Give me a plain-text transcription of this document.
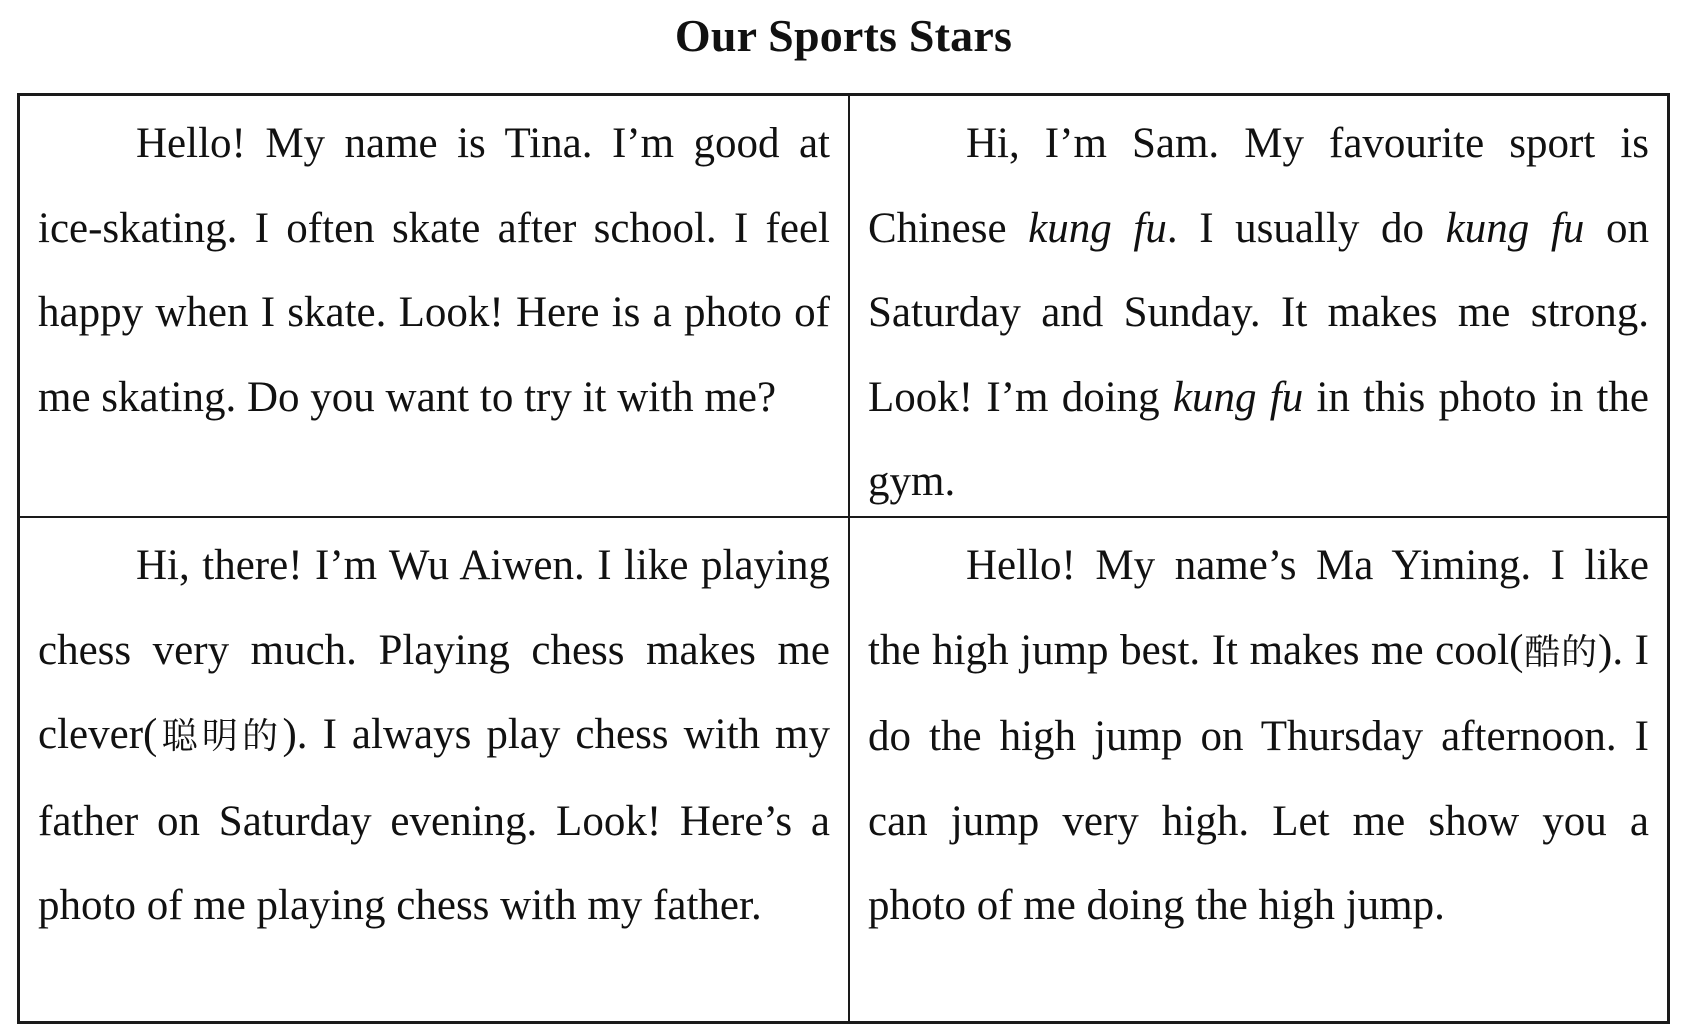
Our Sports Stars

Hello! My name is Tina. I’m good at ice-skating. I often skate after school. I feel happy when I skate. Look! Here is a photo of me skating. Do you want to try it with me?

Hi, I’m Sam. My favourite sport is Chinese kung fu. I usually do kung fu on Saturday and Sunday. It makes me strong. Look! I’m doing kung fu in this photo in the gym.

Hi, there! I’m Wu Aiwen. I like playing chess very much. Playing chess makes me clever(聪明的). I always play chess with my father on Saturday evening. Look! Here’s a photo of me playing chess with my father.

Hello! My name’s Ma Yiming. I like the high jump best. It makes me cool(酷的). I do the high jump on Thursday afternoon. I can jump very high. Let me show you a photo of me doing the high jump.
